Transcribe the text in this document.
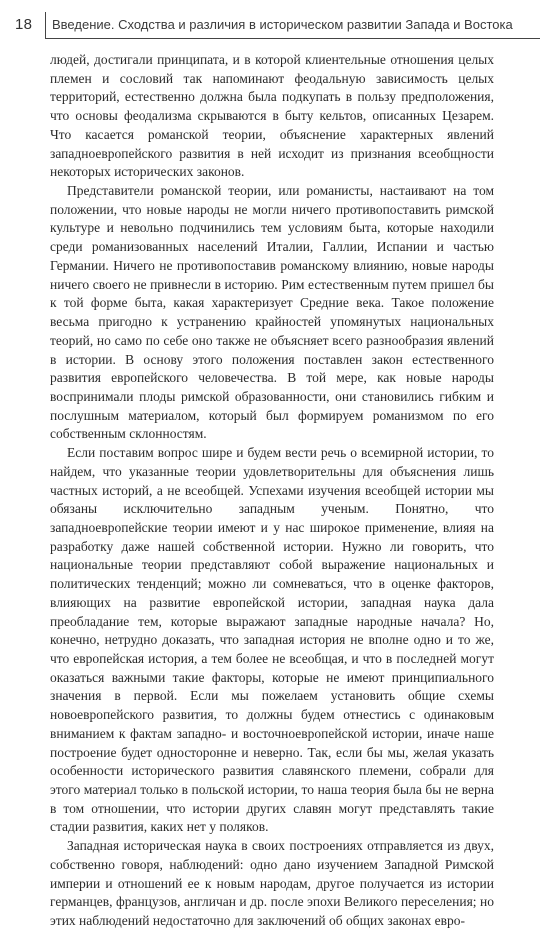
18 Введение. Сходства и различия в историческом развитии Запада и Востока

людей, достигали принципата, и в которой клиентельные отношения целых племен и сословий так напоминают феодальную зависимость целых территорий, естественно должна была подкупать в пользу предположения, что основы феодализма скрываются в быту кельтов, описанных Цезарем. Что касается романской теории, объяснение характерных явлений западноевропейского развития в ней исходит из признания всеобщности некоторых исторических законов.

Представители романской теории, или романисты, настаивают на том положении, что новые народы не могли ничего противопоставить римской культуре и невольно подчинились тем условиям быта, которые находили среди романизованных населений Италии, Галлии, Испании и частью Германии. Ничего не противопоставив романскому влиянию, новые народы ничего своего не привнесли в историю. Рим естественным путем пришел бы к той форме быта, какая характеризует Средние века. Такое положение весьма пригодно к устранению крайностей упомянутых национальных теорий, но само по себе оно также не объясняет всего разнообразия явлений в истории. В основу этого положения поставлен закон естественного развития европейского человечества. В той мере, как новые народы воспринимали плоды римской образованности, они становились гибким и послушным материалом, который был формируем романизмом по его собственным склонностям.

Если поставим вопрос шире и будем вести речь о всемирной истории, то найдем, что указанные теории удовлетворительны для объяснения лишь частных историй, а не всеобщей. Успехами изучения всеобщей истории мы обязаны исключительно западным ученым. Понятно, что западноевропейские теории имеют и у нас широкое применение, влияя на разработку даже нашей собственной истории. Нужно ли говорить, что национальные теории представляют собой выражение национальных и политических тенденций; можно ли сомневаться, что в оценке факторов, влияющих на развитие европейской истории, западная наука дала преобладание тем, которые выражают западные народные начала? Но, конечно, нетрудно доказать, что западная история не вполне одно и то же, что европейская история, а тем более не всеобщая, и что в последней могут оказаться важными такие факторы, которые не имеют принципиального значения в первой. Если мы пожелаем установить общие схемы новоевропейского развития, то должны будем отнестись с одинаковым вниманием к фактам западно- и восточноевропейской истории, иначе наше построение будет односторонне и неверно. Так, если бы мы, желая указать особенности исторического развития славянского племени, собрали для этого материал только в польской истории, то наша теория была бы не верна в том отношении, что истории других славян могут представлять такие стадии развития, каких нет у поляков.

Западная историческая наука в своих построениях отправляется из двух, собственно говоря, наблюдений: одно дано изучением Западной Римской империи и отношений ее к новым народам, другое получается из истории германцев, французов, англичан и др. после эпохи Великого переселения; но этих наблюдений недостаточно для заключений об общих законах евро-
